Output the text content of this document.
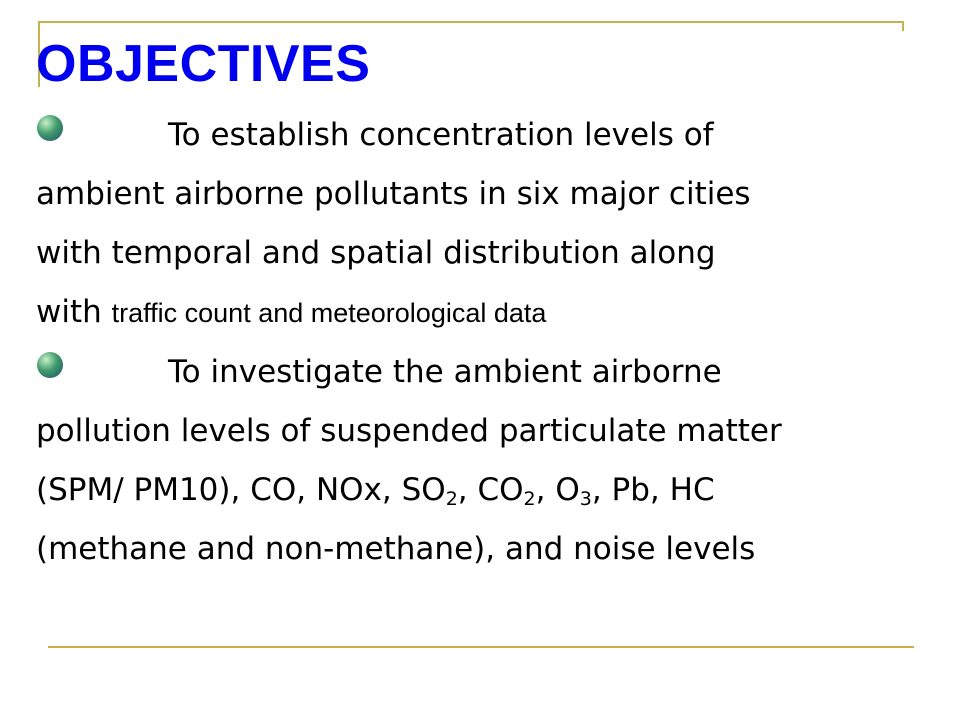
OBJECTIVES
To establish concentration levels of
ambient airborne pollutants in six major cities
with temporal and spatial distribution along
with traffic count and meteorological data
To investigate the ambient airborne
pollution levels of suspended particulate matter
(SPM/ PM10), CO, NOx, $SO_2$, $CO_2$, $O_3$, Pb, HC
(methane and non-methane), and noise levels
